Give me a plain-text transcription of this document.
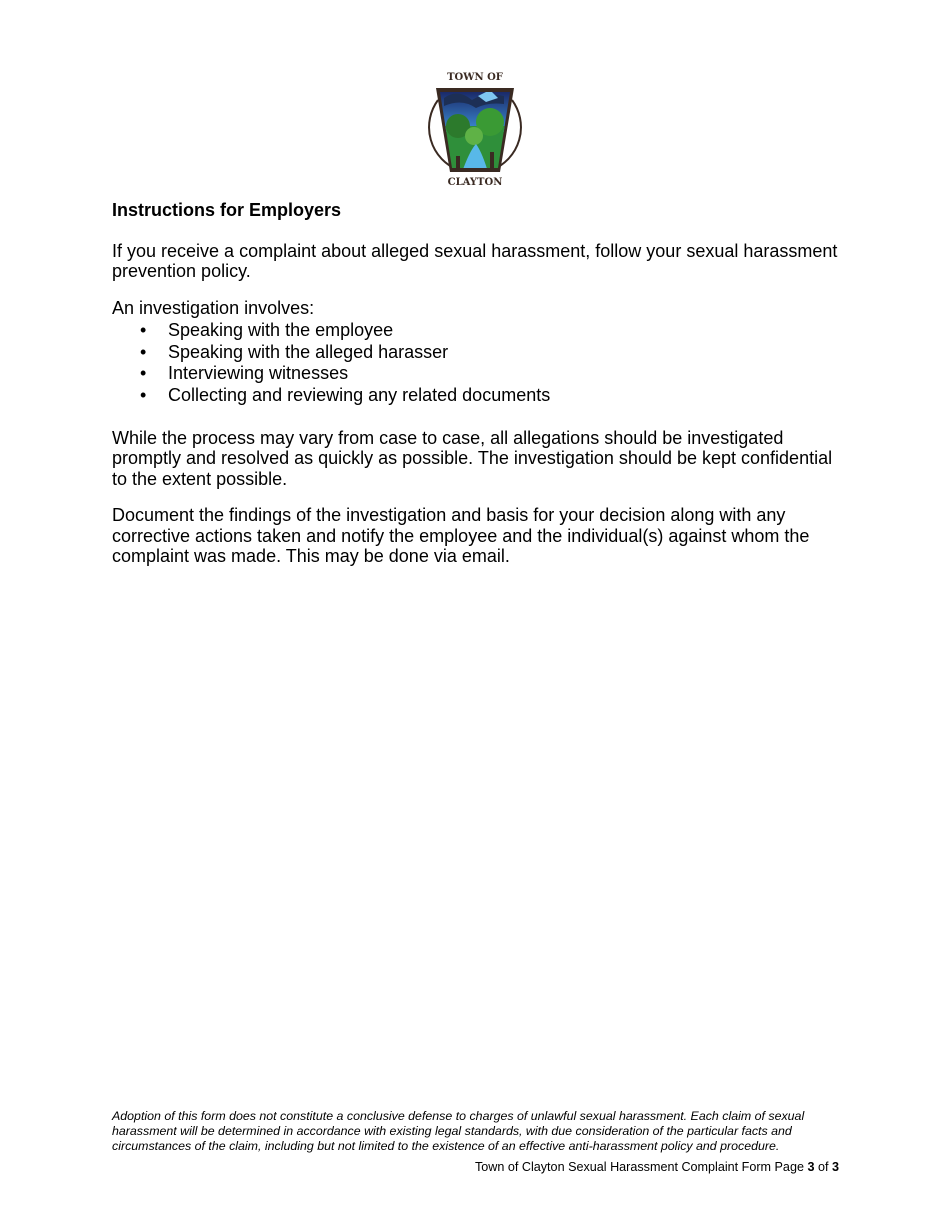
TOWN OF
CLAYTON
Instructions for Employers

If you receive a complaint about alleged sexual harassment, follow your sexual harassment prevention policy.

An investigation involves:

• Speaking with the employee
• Speaking with the alleged harasser
• Interviewing witnesses
• Collecting and reviewing any related documents

While the process may vary from case to case, all allegations should be investigated promptly and resolved as quickly as possible. The investigation should be kept confidential to the extent possible.

Document the findings of the investigation and basis for your decision along with any corrective actions taken and notify the employee and the individual(s) against whom the complaint was made. This may be done via email.

Adoption of this form does not constitute a conclusive defense to charges of unlawful sexual harassment. Each claim of sexual harassment will be determined in accordance with existing legal standards, with due consideration of the particular facts and circumstances of the claim, including but not limited to the existence of an effective anti-harassment policy and procedure.
Town of Clayton Sexual Harassment Complaint Form Page 3 of 3
